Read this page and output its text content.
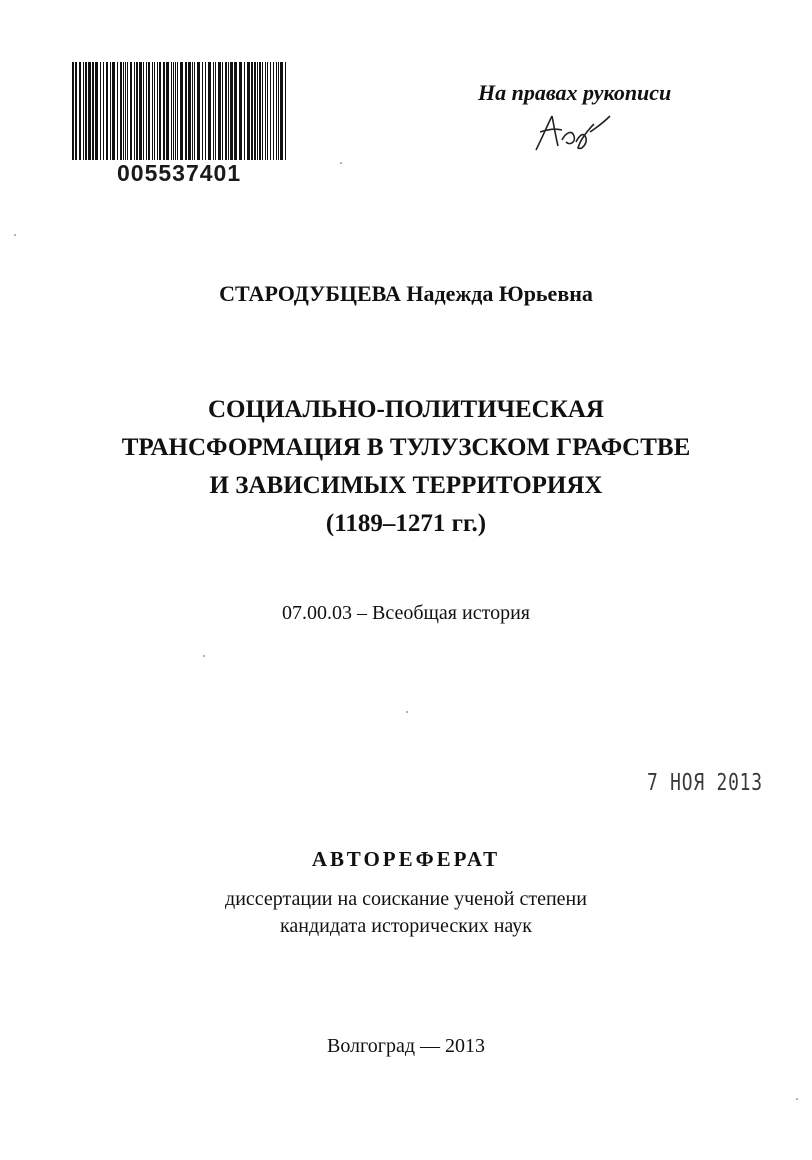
005537401
На правах рукописи
СТАРОДУБЦЕВА Надежда Юрьевна
СОЦИАЛЬНО-ПОЛИТИЧЕСКАЯ
ТРАНСФОРМАЦИЯ В ТУЛУЗСКОМ ГРАФСТВЕ
И ЗАВИСИМЫХ ТЕРРИТОРИЯХ
(1189–1271 гг.)
07.00.03 – Всеобщая история
7 НОЯ 2013
АВТОРЕФЕРАТ
диссертации на соискание ученой степени
кандидата исторических наук
Волгоград — 2013
